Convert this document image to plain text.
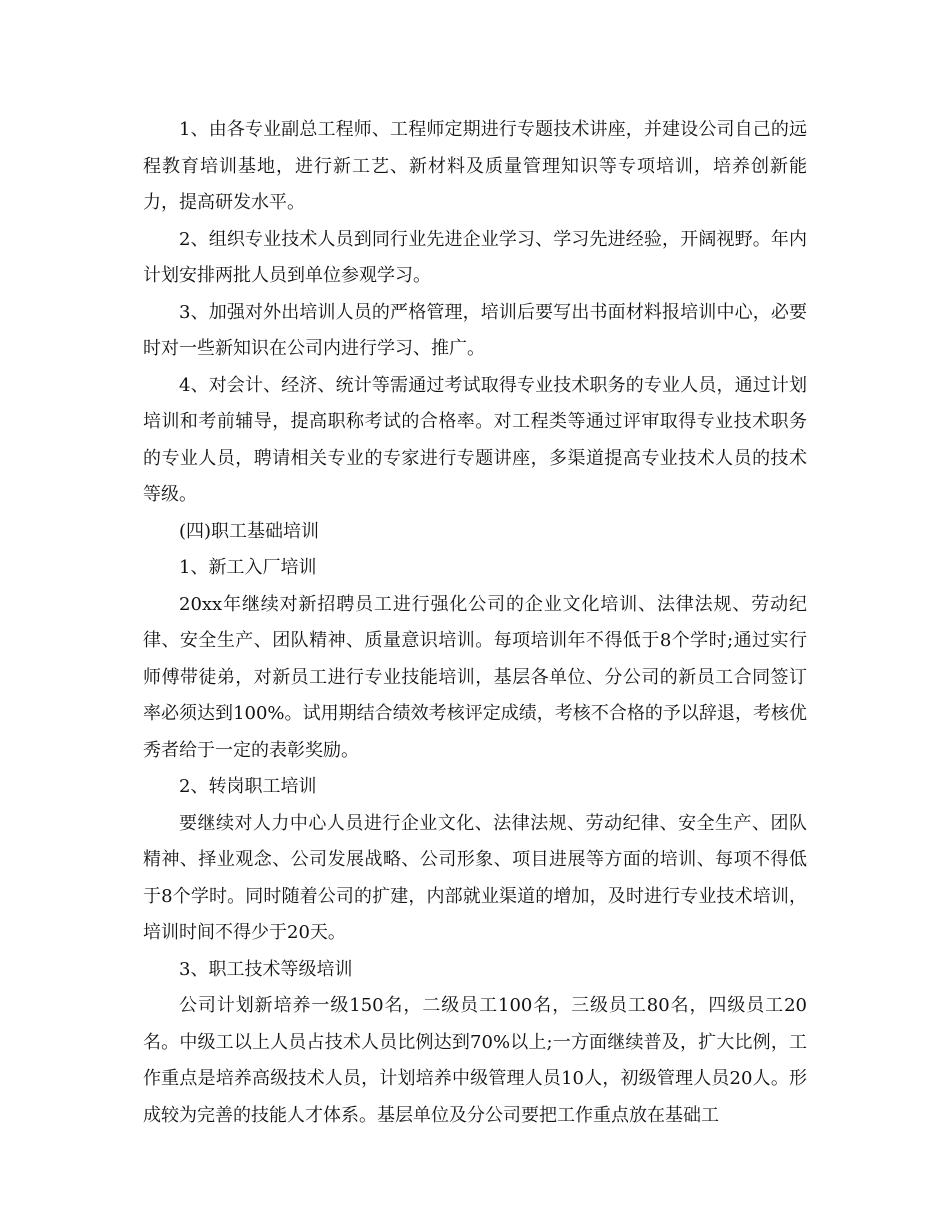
1、由各专业副总工程师、工程师定期进行专题技术讲座，并建设公司自己的远程教育培训基地，进行新工艺、新材料及质量管理知识等专项培训，培养创新能力，提高研发水平。

2、组织专业技术人员到同行业先进企业学习、学习先进经验，开阔视野。年内计划安排两批人员到单位参观学习。

3、加强对外出培训人员的严格管理，培训后要写出书面材料报培训中心，必要时对一些新知识在公司内进行学习、推广。

4、对会计、经济、统计等需通过考试取得专业技术职务的专业人员，通过计划培训和考前辅导，提高职称考试的合格率。对工程类等通过评审取得专业技术职务的专业人员，聘请相关专业的专家进行专题讲座，多渠道提高专业技术人员的技术等级。

(四)职工基础培训

1、新工入厂培训

20xx年继续对新招聘员工进行强化公司的企业文化培训、法律法规、劳动纪律、安全生产、团队精神、质量意识培训。每项培训年不得低于8个学时;通过实行师傅带徒弟，对新员工进行专业技能培训，基层各单位、分公司的新员工合同签订率必须达到100%。试用期结合绩效考核评定成绩，考核不合格的予以辞退，考核优秀者给于一定的表彰奖励。

2、转岗职工培训

要继续对人力中心人员进行企业文化、法律法规、劳动纪律、安全生产、团队精神、择业观念、公司发展战略、公司形象、项目进展等方面的培训、每项不得低于8个学时。同时随着公司的扩建，内部就业渠道的增加，及时进行专业技术培训，培训时间不得少于20天。

3、职工技术等级培训

公司计划新培养一级150名，二级员工100名，三级员工80名，四级员工20名。中级工以上人员占技术人员比例达到70%以上;一方面继续普及，扩大比例，工作重点是培养高级技术人员，计划培养中级管理人员10人，初级管理人员20人。形成较为完善的技能人才体系。基层单位及分公司要把工作重点放在基础工
